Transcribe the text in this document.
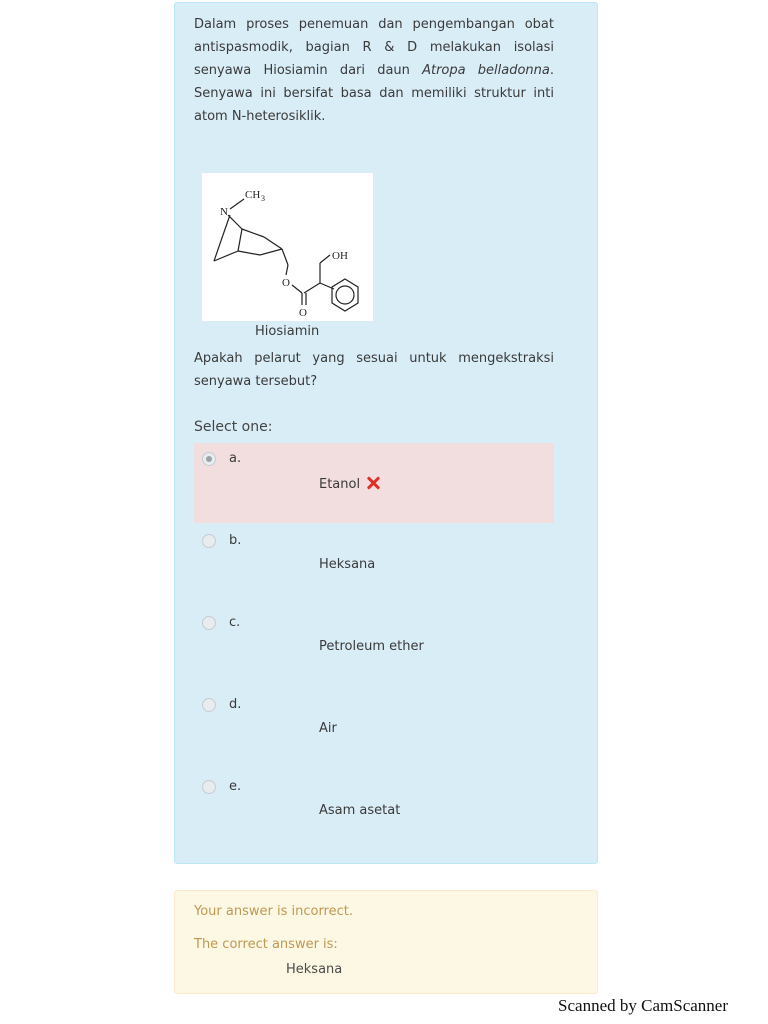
Dalam proses penemuan dan pengembangan obat antispasmodik, bagian R & D melakukan isolasi senyawa Hiosiamin dari daun Atropa belladonna. Senyawa ini bersifat basa dan memiliki struktur inti atom N-heterosiklik.
N
CH 3
OH
O
O
Hiosiamin
Apakah pelarut yang sesuai untuk mengekstraksi senyawa tersebut?
Select one:
a.
Etanol
b.
Heksana
c.
Petroleum ether
d.
Air
e.
Asam asetat
Your answer is incorrect.
The correct answer is:
Heksana
Scanned by CamScanner
